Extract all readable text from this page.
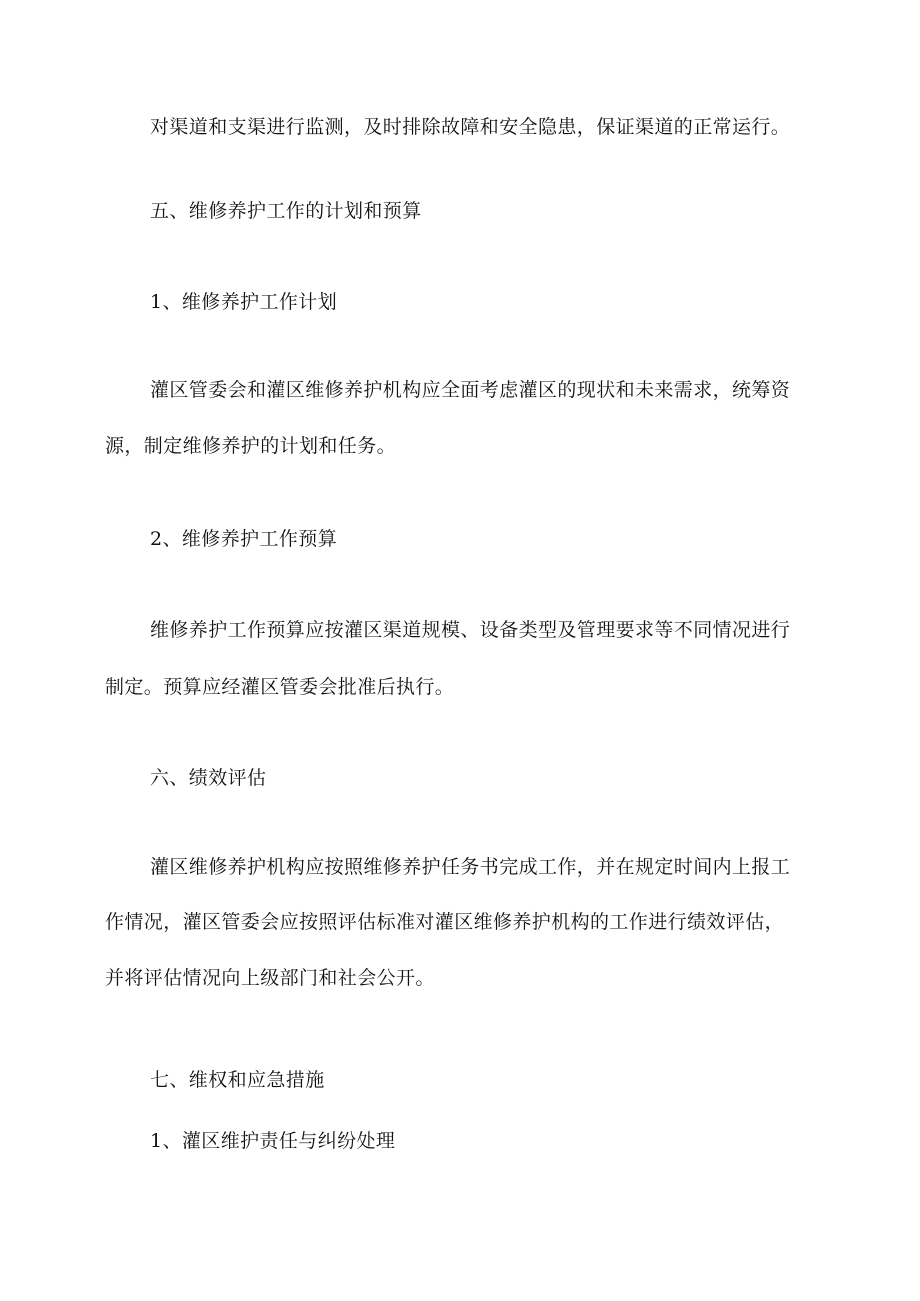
对渠道和支渠进行监测，及时排除故障和安全隐患，保证渠道的正常运行。
五、维修养护工作的计划和预算
1、维修养护工作计划
灌区管委会和灌区维修养护机构应全面考虑灌区的现状和未来需求，统筹资
源，制定维修养护的计划和任务。
2、维修养护工作预算
维修养护工作预算应按灌区渠道规模、设备类型及管理要求等不同情况进行
制定。预算应经灌区管委会批准后执行。
六、绩效评估
灌区维修养护机构应按照维修养护任务书完成工作，并在规定时间内上报工
作情况，灌区管委会应按照评估标准对灌区维修养护机构的工作进行绩效评估，
并将评估情况向上级部门和社会公开。
七、维权和应急措施
1、灌区维护责任与纠纷处理
